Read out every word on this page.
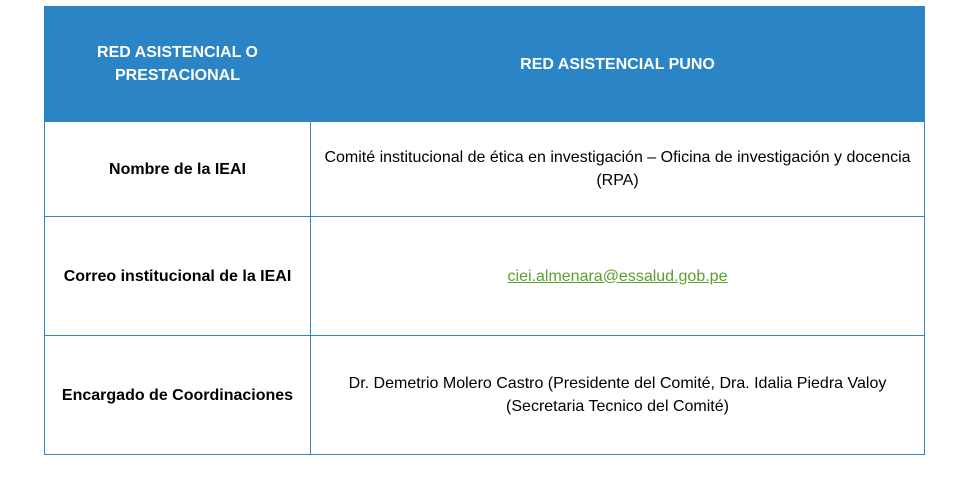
RED ASISTENCIAL O PRESTACIONAL	RED ASISTENCIAL PUNO
Nombre de la IEAI	Comité institucional de ética en investigación – Oficina de investigación y docencia (RPA)
Correo institucional de la IEAI	ciei.almenara@essalud.gob.pe
Encargado de Coordinaciones	Dr. Demetrio Molero Castro (Presidente del Comité, Dra. Idalia Piedra Valoy (Secretaria Tecnico del Comité)
